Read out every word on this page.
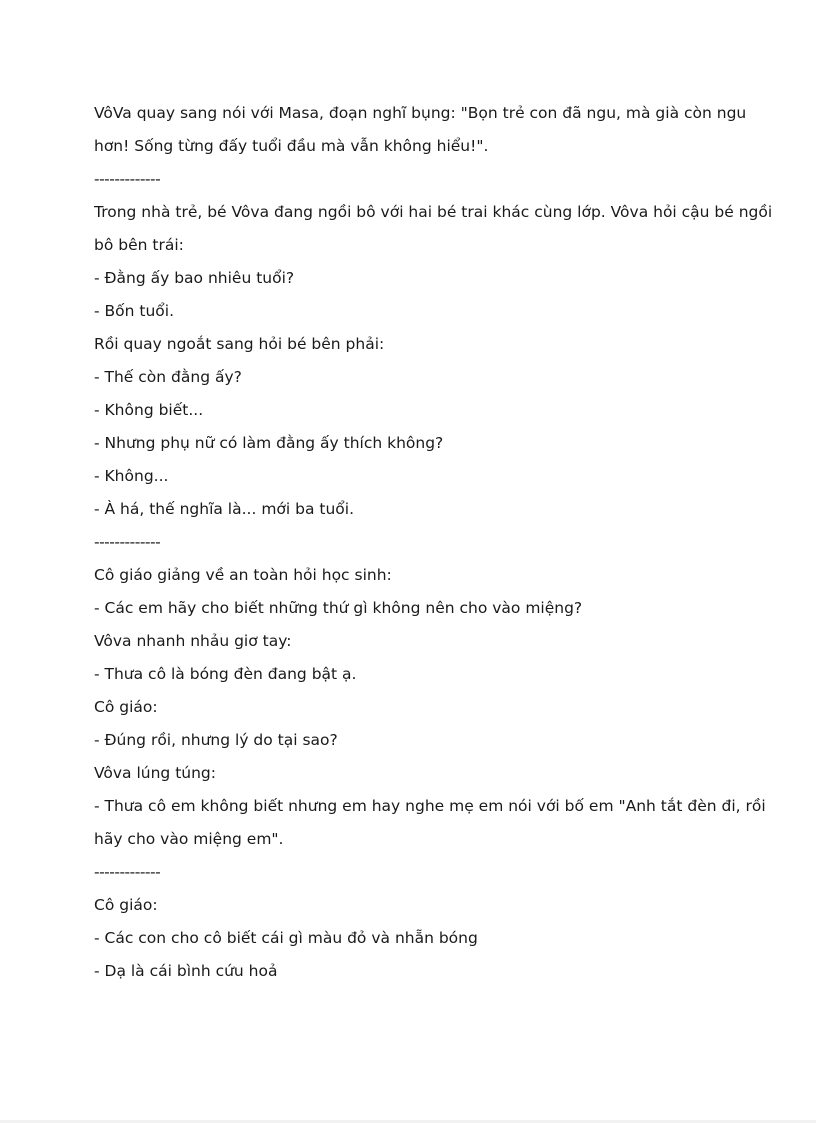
VôVa quay sang nói với Masa, đoạn nghĩ bụng: "Bọn trẻ con đã ngu, mà già còn ngu
hơn! Sống từng đấy tuổi đầu mà vẫn không hiểu!".
-------------
Trong nhà trẻ, bé Vôva đang ngồi bô với hai bé trai khác cùng lớp. Vôva hỏi cậu bé ngồi
bô bên trái:
- Đằng ấy bao nhiêu tuổi?
- Bốn tuổi.
Rồi quay ngoắt sang hỏi bé bên phải:
- Thế còn đằng ấy?
- Không biết...
- Nhưng phụ nữ có làm đằng ấy thích không?
- Không...
- À há, thế nghĩa là... mới ba tuổi.
-------------
Cô giáo giảng về an toàn hỏi học sinh:
- Các em hãy cho biết những thứ gì không nên cho vào miệng?
Vôva nhanh nhảu giơ tay:
- Thưa cô là bóng đèn đang bật ạ.
Cô giáo:
- Đúng rồi, nhưng lý do tại sao?
Vôva lúng túng:
- Thưa cô em không biết nhưng em hay nghe mẹ em nói với bố em "Anh tắt đèn đi, rồi
hãy cho vào miệng em".
-------------
Cô giáo:
- Các con cho cô biết cái gì màu đỏ và nhẵn bóng
- Dạ là cái bình cứu hoả
